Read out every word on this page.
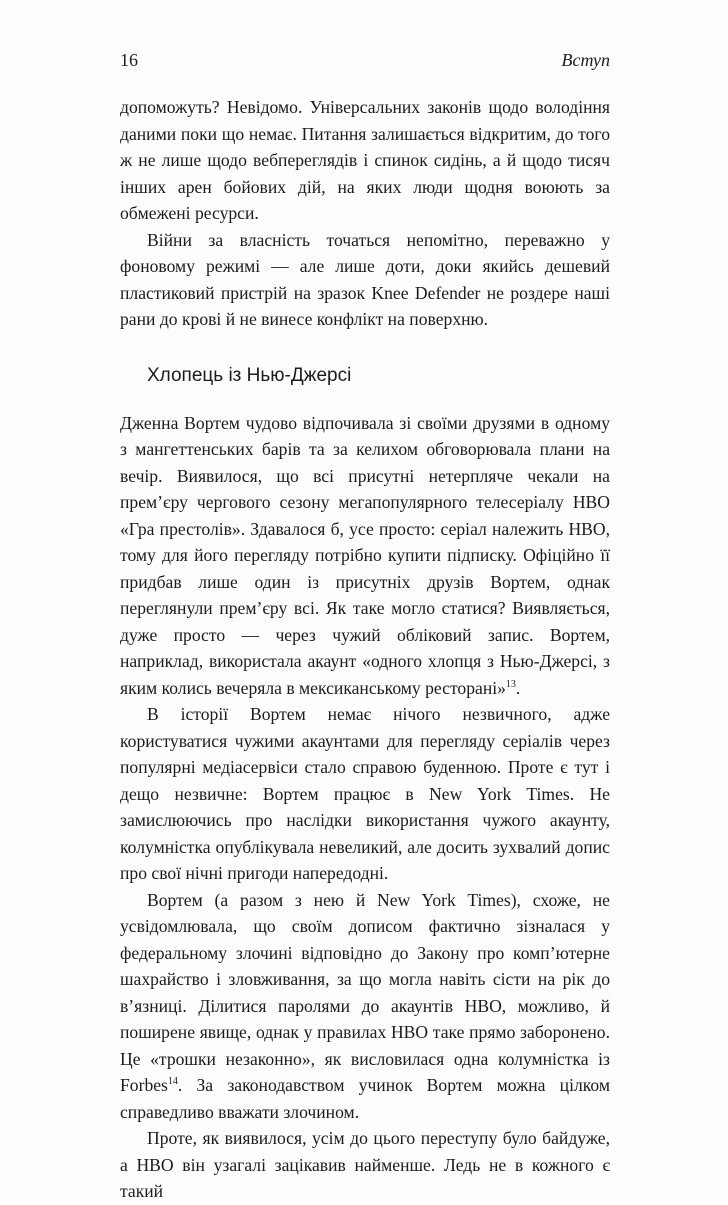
16	Вступ

допоможуть? Невідомо. Універсальних законів щодо володіння даними поки що немає. Питання залишається відкритим, до того ж не лише щодо вебпереглядів і спинок сидінь, а й щодо тисяч інших арен бойових дій, на яких люди щодня воюють за обмежені ресурси.

Війни за власність точаться непомітно, переважно у фоновому режимі — але лише доти, доки якийсь дешевий пластиковий пристрій на зразок Knee Defender не роздере наші рани до крові й не винесе конфлікт на поверхню.

Хлопець із Нью-Джерсі

Дженна Вортем чудово відпочивала зі своїми друзями в одному з мангеттенських барів та за келихом обговорювала плани на вечір. Виявилося, що всі присутні нетерпляче чекали на прем’єру чергового сезону мегапопулярного телесеріалу HBO «Гра престолів». Здавалося б, усе просто: серіал належить HBO, тому для його перегляду потрібно купити підписку. Офіційно її придбав лише один із присутніх друзів Вортем, однак переглянули прем’єру всі. Як таке могло статися? Виявляється, дуже просто — через чужий обліковий запис. Вортем, наприклад, використала акаунт «одного хлопця з Нью-Джерсі, з яким колись вечеряла в мексиканському ресторані»$^{13}$.

В історії Вортем немає нічого незвичного, адже користуватися чужими акаунтами для перегляду серіалів через популярні медіасервіси стало справою буденною. Проте є тут і дещо незвичне: Вортем працює в New York Times. Не замислюючись про наслідки використання чужого акаунту, колумністка опублікувала невеликий, але досить зухвалий допис про свої нічні пригоди напередодні.

Вортем (а разом з нею й New York Times), схоже, не усвідомлювала, що своїм дописом фактично зізналася у федеральному злочині відповідно до Закону про комп’ютерне шахрайство і зловживання, за що могла навіть сісти на рік до в’язниці. Ділитися паролями до акаунтів HBO, можливо, й поширене явище, однак у правилах HBO таке прямо заборонено. Це «трошки незаконно», як висловилася одна колумністка із Forbes$^{14}$. За законодавством учинок Вортем можна цілком справедливо вважати злочином.

Проте, як виявилося, усім до цього переступу було байдуже, а HBO він узагалі зацікавив найменше. Ледь не в кожного є такий
